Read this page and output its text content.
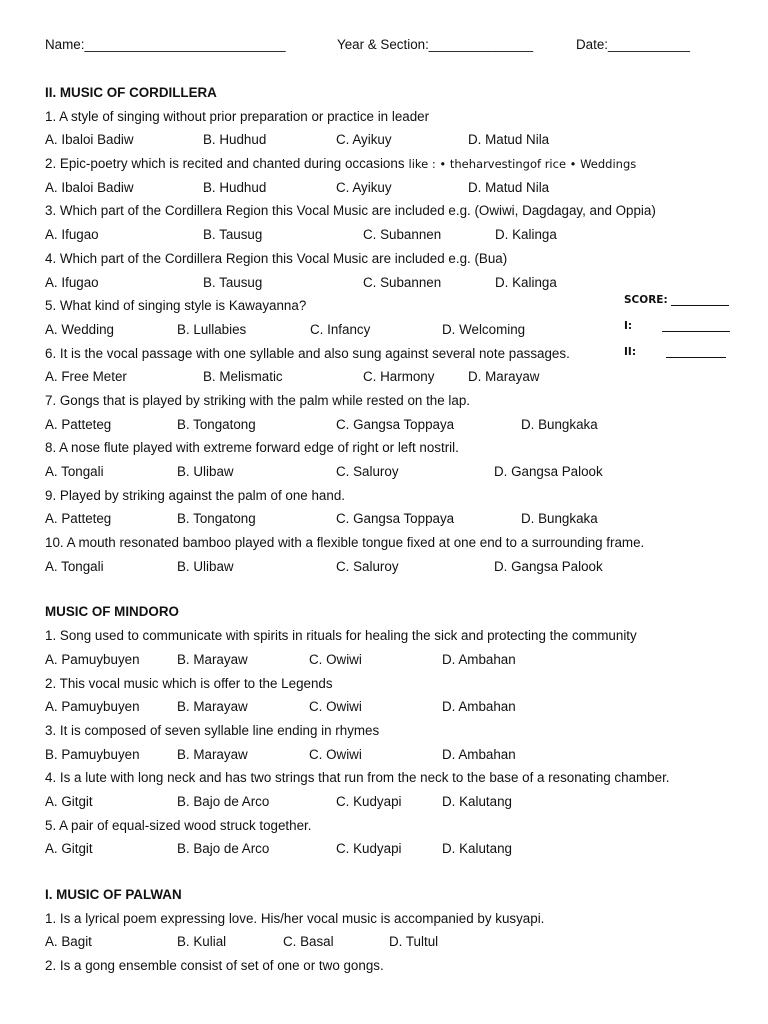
Name:___________________________	Year & Section:______________	Date:___________
SCORE:
I:
II:
II. MUSIC OF CORDILLERA
1. A style of singing without prior preparation or practice in leader
A. Ibaloi Badiw	B. Hudhud	C. Ayikuy	D. Matud Nila
2. Epic-poetry which is recited and chanted during occasions like : • theharvestingof rice • Weddings
A. Ibaloi Badiw	B. Hudhud	C. Ayikuy	D. Matud Nila
3. Which part of the Cordillera Region this Vocal Music are included e.g. (Owiwi, Dagdagay, and Oppia)
A. Ifugao	B. Tausug	C. Subannen	D. Kalinga
4. Which part of the Cordillera Region this Vocal Music are included e.g. (Bua)
A. Ifugao	B. Tausug	C. Subannen	D. Kalinga
5. What kind of singing style is Kawayanna?
A. Wedding	B. Lullabies	C. Infancy	D. Welcoming
6. It is the vocal passage with one syllable and also sung against several note passages.
A. Free Meter	B. Melismatic	C. Harmony	D. Marayaw
7. Gongs that is played by striking with the palm while rested on the lap.
A. Patteteg	B. Tongatong	C. Gangsa Toppaya	D. Bungkaka
8. A nose flute played with extreme forward edge of right or left nostril.
A. Tongali	B. Ulibaw	C. Saluroy	D. Gangsa Palook
9. Played by striking against the palm of one hand.
A. Patteteg	B. Tongatong	C. Gangsa Toppaya	D. Bungkaka
10. A mouth resonated bamboo played with a flexible tongue fixed at one end to a surrounding frame.
A. Tongali	B. Ulibaw	C. Saluroy	D. Gangsa Palook
MUSIC OF MINDORO
1. Song used to communicate with spirits in rituals for healing the sick and protecting the community
A. Pamuybuyen	B. Marayaw	C. Owiwi	D. Ambahan
2. This vocal music which is offer to the Legends
A. Pamuybuyen	B. Marayaw	C. Owiwi	D. Ambahan
3. It is composed of seven syllable line ending in rhymes
B. Pamuybuyen	B. Marayaw	C. Owiwi	D. Ambahan
4. Is a lute with long neck and has two strings that run from the neck to the base of a resonating chamber.
A. Gitgit	B. Bajo de Arco	C. Kudyapi	D. Kalutang
5. A pair of equal-sized wood struck together.
A. Gitgit	B. Bajo de Arco	C. Kudyapi	D. Kalutang
I. MUSIC OF PALWAN
1. Is a lyrical poem expressing love. His/her vocal music is accompanied by kusyapi.
A. Bagit	B. Kulial	C. Basal	D. Tultul
2. Is a gong ensemble consist of set of one or two gongs.
